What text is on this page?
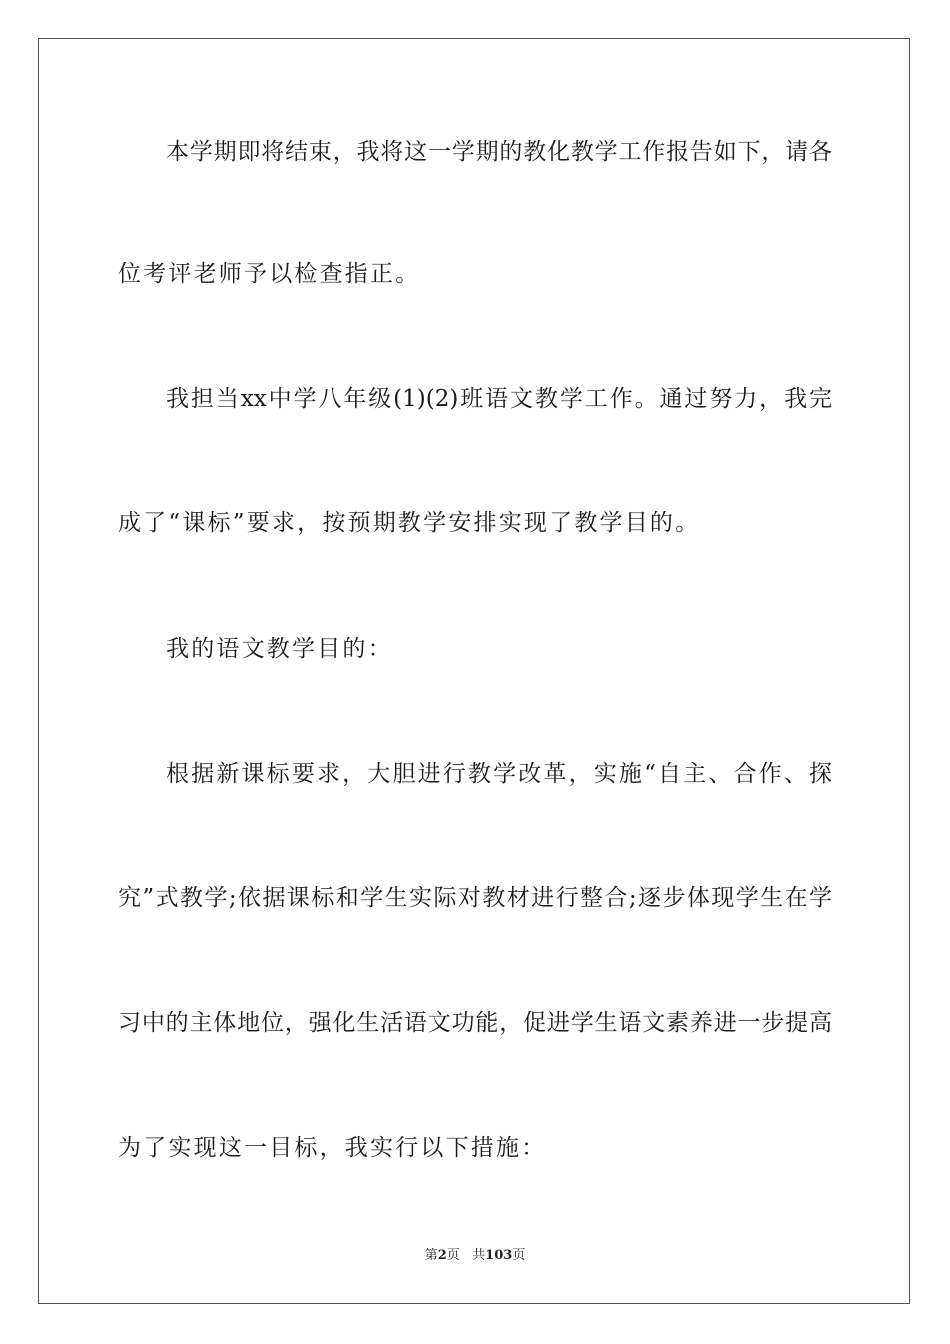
本学期即将结束，我将这一学期的教化教学工作报告如下，请各
位考评老师予以检查指正。
我担当xx中学八年级(1)(2)班语文教学工作。通过努力，我完
成了“课标”要求，按预期教学安排实现了教学目的。
我的语文教学目的：
根据新课标要求，大胆进行教学改革，实施“自主、合作、探
究”式教学;依据课标和学生实际对教材进行整合;逐步体现学生在学
习中的主体地位，强化生活语文功能，促进学生语文素养进一步提高
为了实现这一目标，我实行以下措施：
第2页 共103页
